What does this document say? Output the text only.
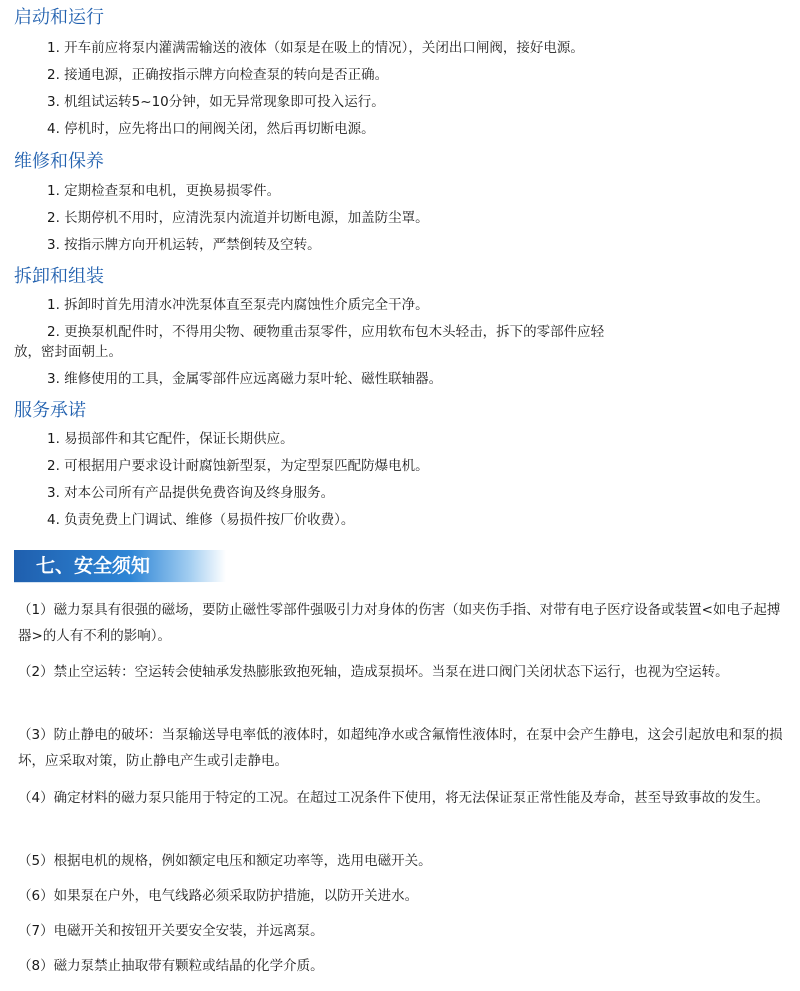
启动和运行
1. 开车前应将泵内灌满需输送的液体（如泵是在吸上的情况），关闭出口闸阀，接好电源。
2. 接通电源，正确按指示牌方向检查泵的转向是否正确。
3. 机组试运转5~10分钟，如无异常现象即可投入运行。
4. 停机时，应先将出口的闸阀关闭，然后再切断电源。
维修和保养
1. 定期检查泵和电机，更换易损零件。
2. 长期停机不用时，应清洗泵内流道并切断电源，加盖防尘罩。
3. 按指示牌方向开机运转，严禁倒转及空转。
拆卸和组装
1. 拆卸时首先用清水冲洗泵体直至泵壳内腐蚀性介质完全干净。
2. 更换泵机配件时，不得用尖物、硬物重击泵零件，应用软布包木头轻击，拆下的零部件应轻
放，密封面朝上。
3. 维修使用的工具，金属零部件应远离磁力泵叶轮、磁性联轴器。
服务承诺
1. 易损部件和其它配件，保证长期供应。
2. 可根据用户要求设计耐腐蚀新型泵，为定型泵匹配防爆电机。
3. 对本公司所有产品提供免费咨询及终身服务。
4. 负责免费上门调试、维修（易损件按厂价收费）。
七、安全须知
（1）磁力泵具有很强的磁场，要防止磁性零部件强吸引力对身体的伤害（如夹伤手指、对带有电子医疗设备或装置<如电子起搏器>的人有不利的影响）。
（2）禁止空运转：空运转会使轴承发热膨胀致抱死轴，造成泵损坏。当泵在进口阀门关闭状态下运行，也视为空运转。
（3）防止静电的破坏：当泵输送导电率低的液体时，如超纯净水或含氟惰性液体时，在泵中会产生静电，这会引起放电和泵的损坏，应采取对策，防止静电产生或引走静电。
（4）确定材料的磁力泵只能用于特定的工况。在超过工况条件下使用，将无法保证泵正常性能及寿命，甚至导致事故的发生。
（5）根据电机的规格，例如额定电压和额定功率等，选用电磁开关。
（6）如果泵在户外，电气线路必须采取防护措施，以防开关进水。
（7）电磁开关和按钮开关要安全安装，并远离泵。
（8）磁力泵禁止抽取带有颗粒或结晶的化学介质。
